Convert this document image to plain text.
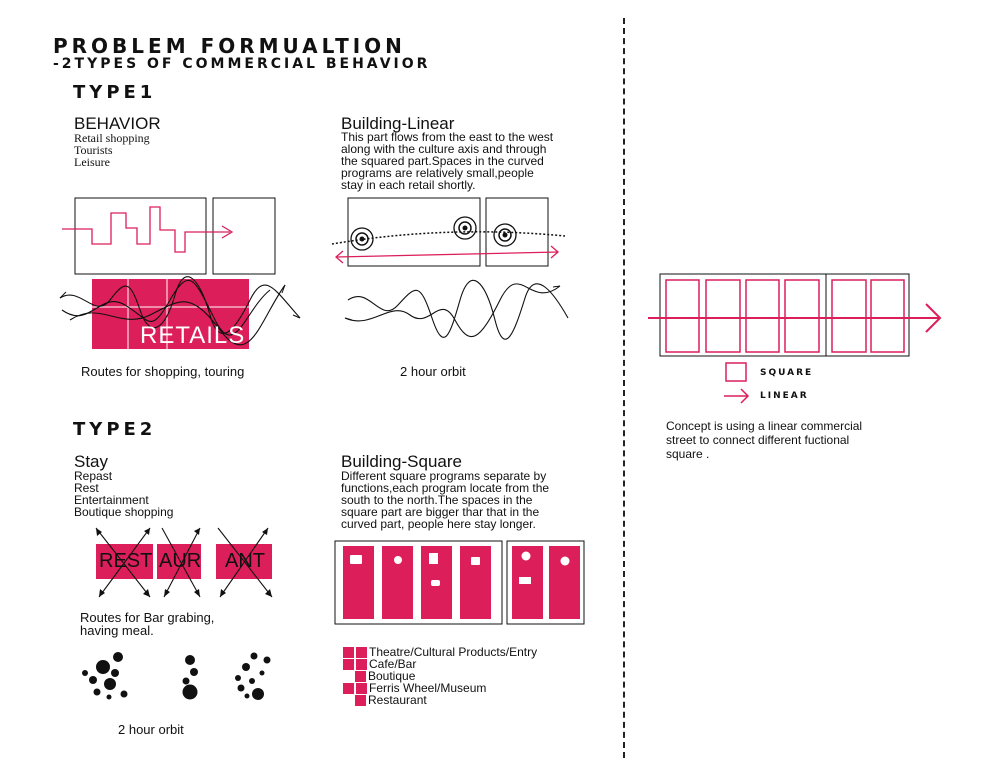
PROBLEM FORMUALTION
-2TYPES OF COMMERCIAL BEHAVIOR
TYPE1
BEHAVIOR
Retail shopping
Tourists
Leisure
Building-Linear
This part flows from the east to the west
along with the culture axis and through
the squared part.Spaces in the curved
programs are relatively small,people
stay in each retail shortly.
RETAILS
Routes for shopping, touring	2 hour orbit
TYPE2
Stay
Repast
Rest
Entertainment
Boutique shopping
Building-Square
Different square programs separate by
functions,each program locate from the
south to the north.The spaces in the
square part are bigger thar that in the
curved part, people here stay longer.
REST AUR ANT
Routes for Bar grabing,
having meal.
2 hour orbit
Theatre/Cultural Products/Entry
Cafe/Bar
Boutique
Ferris Wheel/Museum
Restaurant
SQUARE
LINEAR
Concept is using a linear commercial
street to connect different fuctional
square .
